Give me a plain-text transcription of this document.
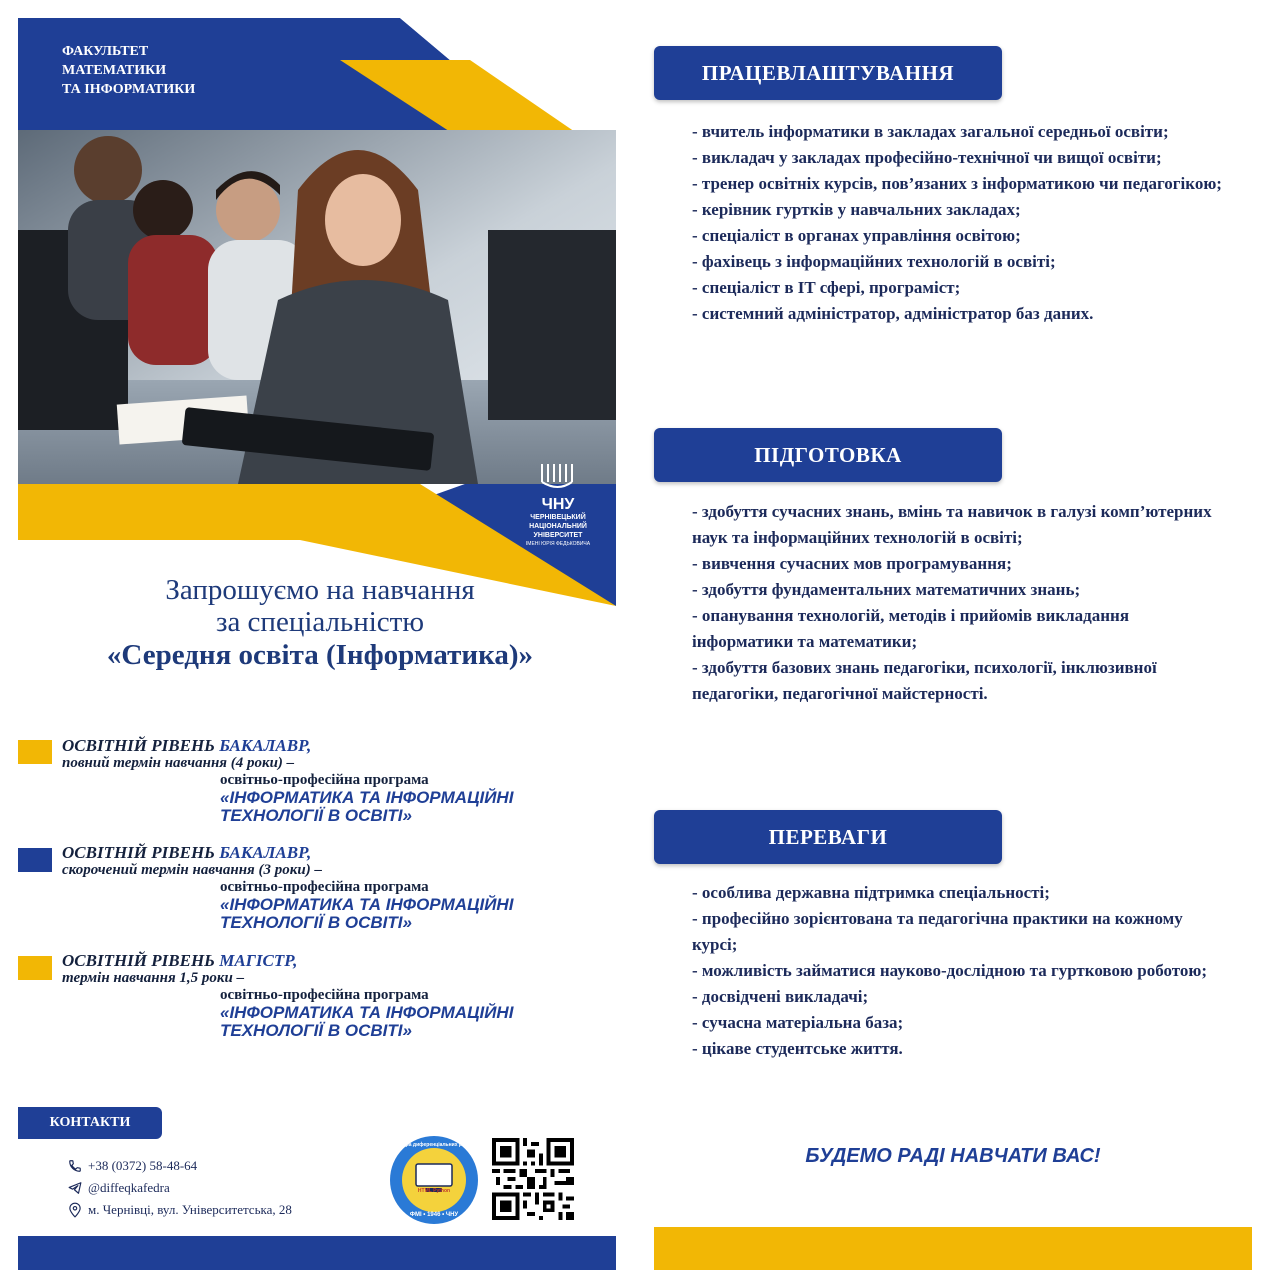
ФАКУЛЬТЕТ
МАТЕМАТИКИ
ТА ІНФОРМАТИКИ
ЧНУ
ЧЕРНІВЕЦЬКИЙ
НАЦІОНАЛЬНИЙ
УНІВЕРСИТЕТ
ІМЕНІ ЮРІЯ ФЕДЬКОВИЧА
Запрошуємо на навчання
за спеціальністю
«Середня освіта (Інформатика)»
ОСВІТНІЙ РІВЕНЬ БАКАЛАВР,
повний термін навчання (4 роки) –
освітньо-професійна програма
«ІНФОРМАТИКА ТА ІНФОРМАЦІЙНІ
ТЕХНОЛОГІЇ В ОСВІТІ»
ОСВІТНІЙ РІВЕНЬ БАКАЛАВР,
скорочений термін навчання (3 роки) –
освітньо-професійна програма
«ІНФОРМАТИКА ТА ІНФОРМАЦІЙНІ
ТЕХНОЛОГІЇ В ОСВІТІ»
ОСВІТНІЙ РІВЕНЬ МАГІСТР,
термін навчання 1,5 роки –
освітньо-професійна програма
«ІНФОРМАТИКА ТА ІНФОРМАЦІЙНІ
ТЕХНОЛОГІЇ В ОСВІТІ»
КОНТАКТИ
+38 (0372) 58-48-64
@diffeqkafedra
м. Чернівці, вул. Університетська, 28
Кафедра диференціальних рівнянь
HTML Python
ФМІ • 1946 • ЧНУ
ПРАЦЕВЛАШТУВАННЯ
- вчитель інформатики в закладах загальної середньої освіти;
- викладач у закладах професійно-технічної чи вищої освіти;
- тренер освітніх курсів, пов’язаних з інформатикою чи педагогікою;
- керівник гуртків у навчальних закладах;
- спеціаліст в органах управління освітою;
- фахівець з інформаційних технологій в освіті;
- спеціаліст в IT сфері, програміст;
- системний адміністратор, адміністратор баз даних.
ПІДГОТОВКА
- здобуття сучасних знань, вмінь та навичок в галузі комп’ютерних наук та інформаційних технологій в освіті;
- вивчення сучасних мов програмування;
- здобуття фундаментальних математичних знань;
- опанування технологій, методів і прийомів викладання інформатики та математики;
- здобуття базових знань педагогіки, психології, інклюзивної педагогіки, педагогічної майстерності.
ПЕРЕВАГИ
- особлива державна підтримка спеціальності;
- професійно зорієнтована та педагогічна практики на кожному курсі;
- можливість займатися науково-дослідною та гуртковою роботою;
- досвідчені викладачі;
- сучасна матеріальна база;
- цікаве студентське життя.
БУДЕМО РАДІ НАВЧАТИ ВАС!
